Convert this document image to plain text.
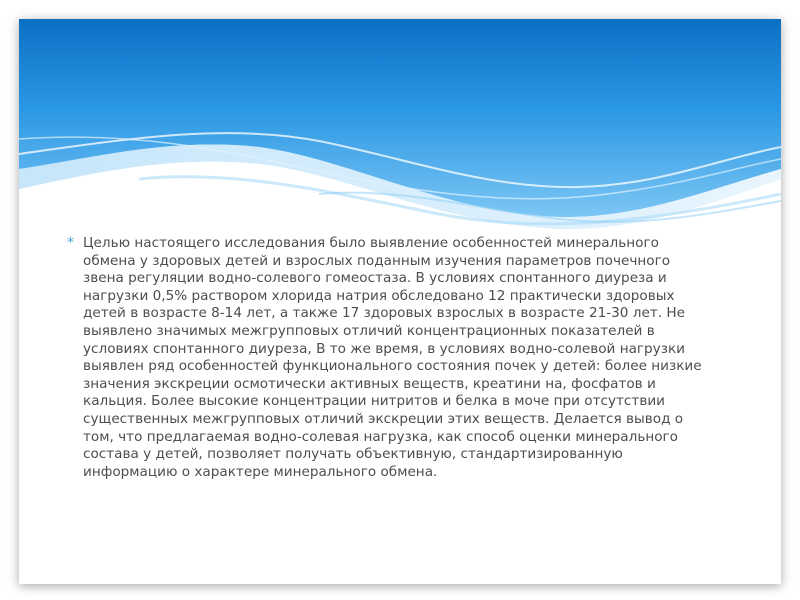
* Целью настоящего исследования было выявление особенностей минерального обмена у здоровых детей и взрослых поданным изучения параметров почечного звена регуляции водно-солевого гомеостаза. В условиях спонтанного диуреза и нагрузки 0,5% раствором хлорида натрия обследовано 12 практически здоровых детей в возрасте 8-14 лет, а также 17 здоровых взрослых в возрасте 21-30 лет. Не выявлено значимых межгрупповых отличий концентрационных показателей в условиях спонтанного диуреза, В то же время, в условиях водно-солевой нагрузки выявлен ряд особенностей функционального состояния почек у детей: более низкие значения экскреции осмотически активных веществ, креатини на, фосфатов и кальция. Более высокие концентрации нитритов и белка в моче при отсутствии существенных межгрупповых отличий экскреции этих веществ. Делается вывод о том, что предлагаемая водно-солевая нагрузка, как способ оценки минерального состава у детей, позволяет получать объективную, стандартизированную информацию о характере минерального обмена.
